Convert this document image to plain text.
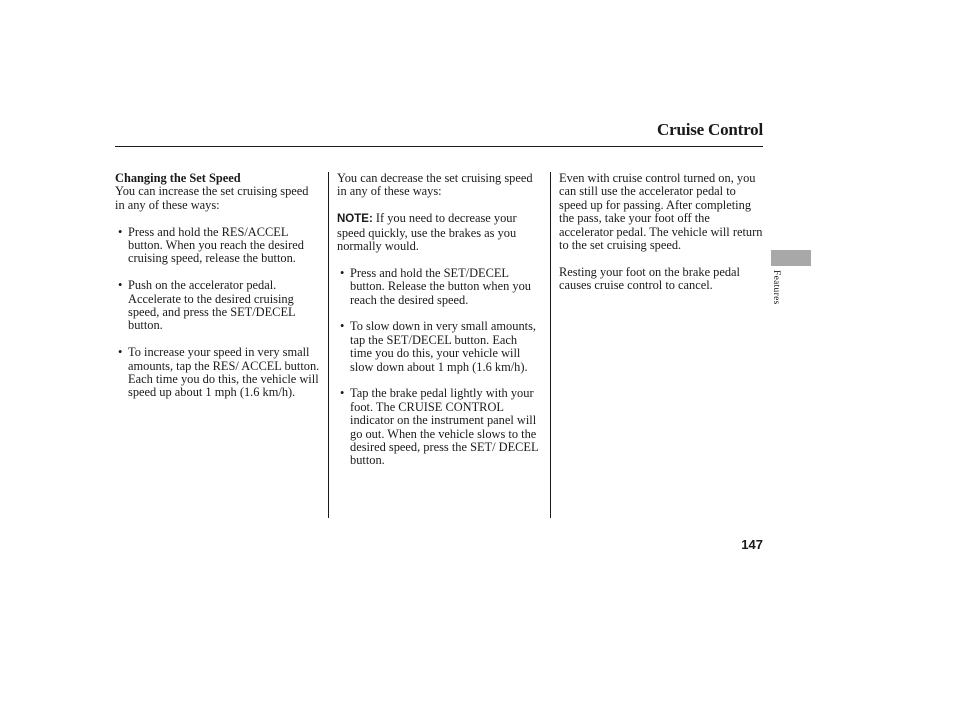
Cruise Control
Changing the Set Speed

You can increase the set cruising speed in any of these ways:

• Press and hold the RES/ACCEL button. When you reach the desired cruising speed, release the button.
• Push on the accelerator pedal. Accelerate to the desired cruising speed, and press the SET/DECEL button.
• To increase your speed in very small amounts, tap the RES/ ACCEL button. Each time you do this, the vehicle will speed up about 1 mph (1.6 km/h).

You can decrease the set cruising speed in any of these ways:

NOTE: If you need to decrease your speed quickly, use the brakes as you normally would.

• Press and hold the SET/DECEL button. Release the button when you reach the desired speed.
• To slow down in very small amounts, tap the SET/DECEL button. Each time you do this, your vehicle will slow down about 1 mph (1.6 km/h).
• Tap the brake pedal lightly with your foot. The CRUISE CONTROL indicator on the instrument panel will go out. When the vehicle slows to the desired speed, press the SET/ DECEL button.

Even with cruise control turned on, you can still use the accelerator pedal to speed up for passing. After completing the pass, take your foot off the accelerator pedal. The vehicle will return to the set cruising speed.

Resting your foot on the brake pedal causes cruise control to cancel.	Features
147
